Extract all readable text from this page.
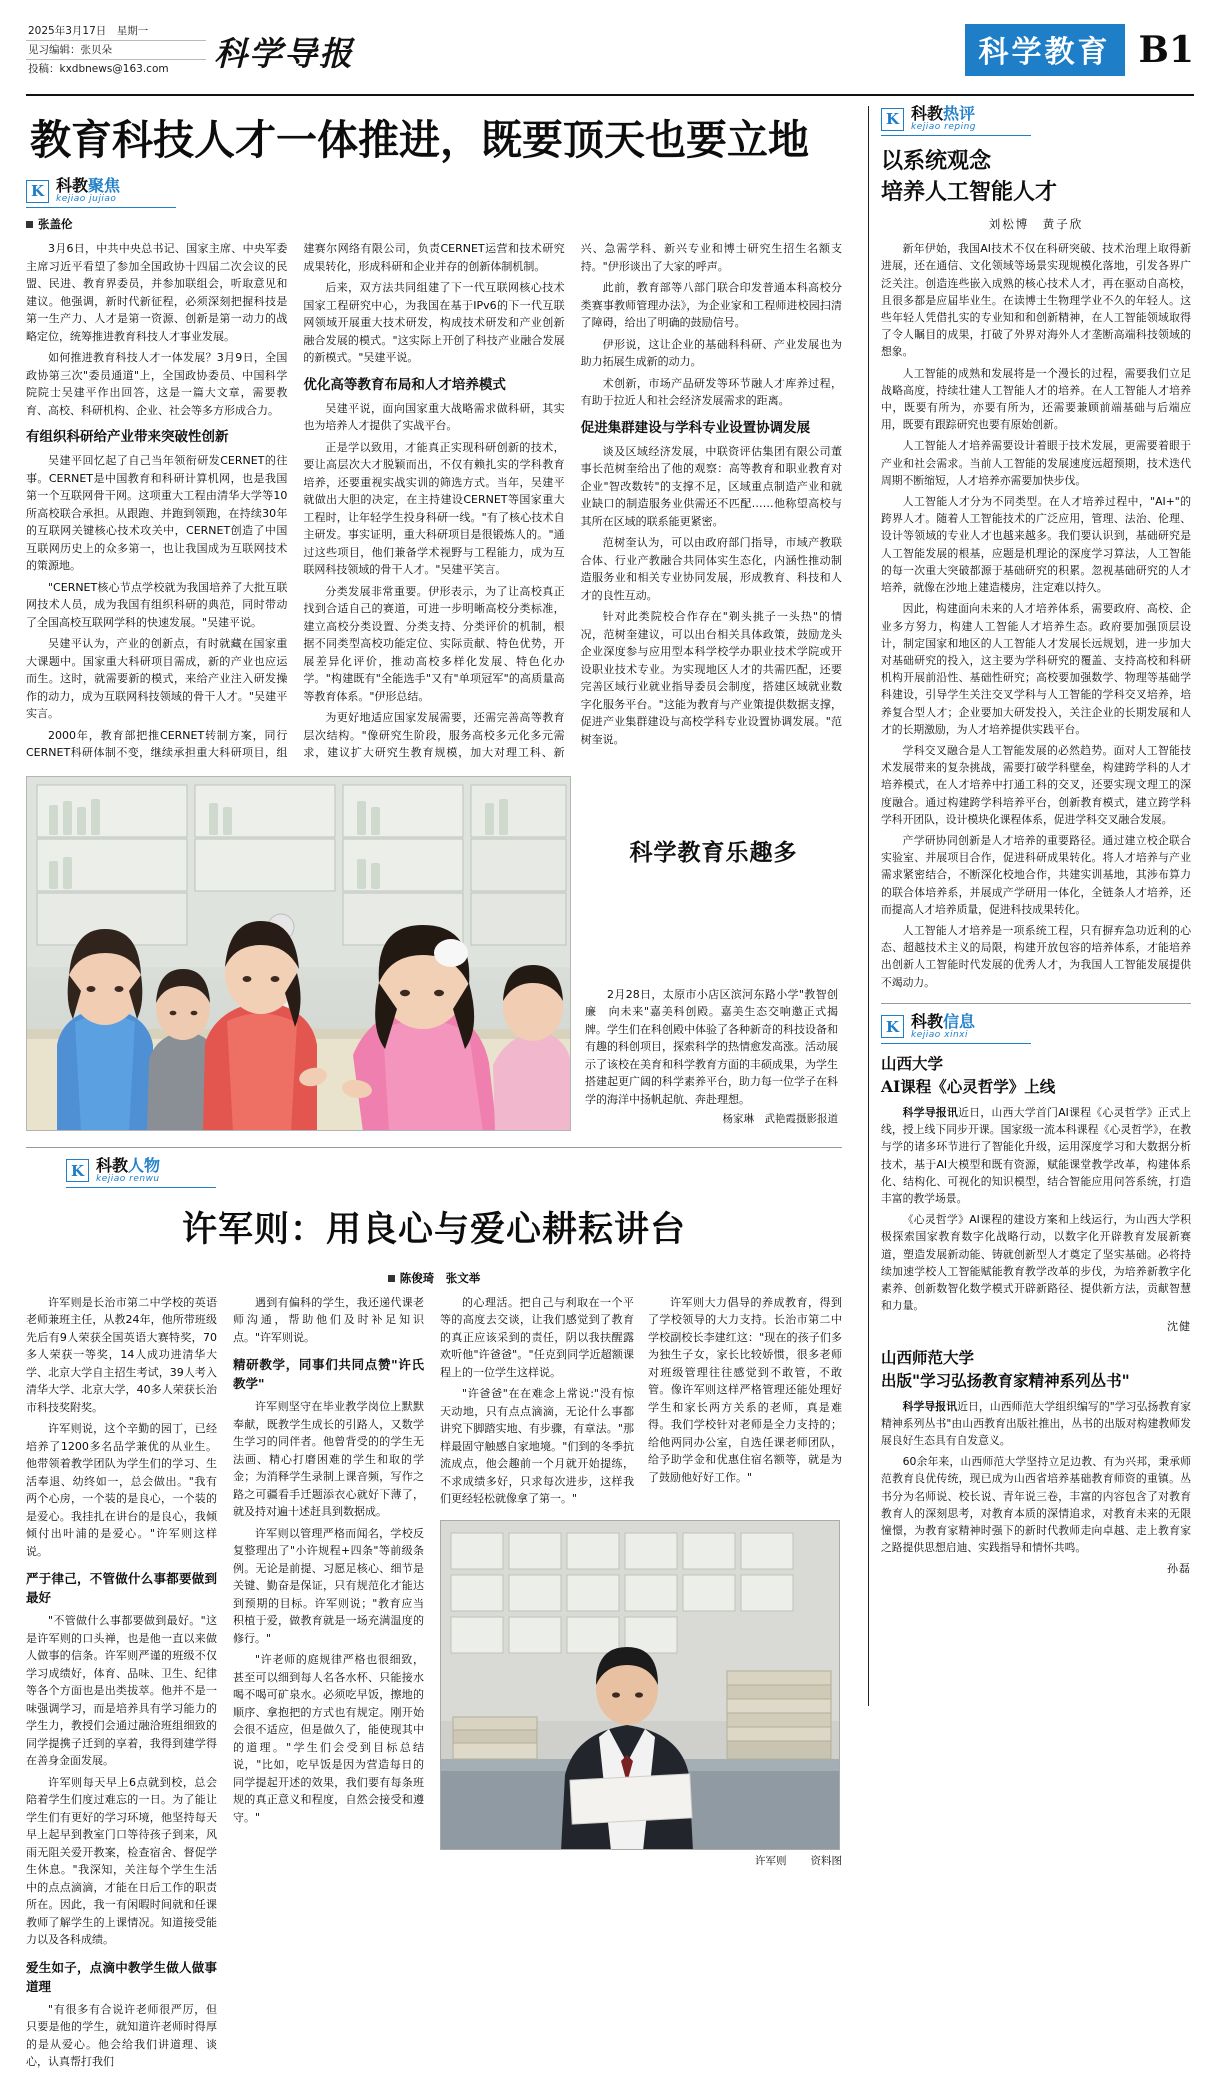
2025年3月17日　星期一
见习编辑：张贝朵
投稿：kxdbnews@163.com	科学导报	科学教育 B1
教育科技人才一体推进，既要顶天也要立地
K 科教聚焦
kejiao jujiao
张盖伦

3月6日，中共中央总书记、国家主席、中央军委主席习近平看望了参加全国政协十四届二次会议的民盟、民进、教育界委员，并参加联组会，听取意见和建议。他强调，新时代新征程，必须深刻把握科技是第一生产力、人才是第一资源、创新是第一动力的战略定位，统筹推进教育科技人才事业发展。

如何推进教育科技人才一体发展？3月9日，全国政协第三次"委员通道"上，全国政协委员、中国科学院院士吴建平作出回答，这是一篇大文章，需要教育、高校、科研机构、企业、社会等多方形成合力。

有组织科研给产业带来突破性创新

吴建平回忆起了自己当年领衔研发CERNET的往事。CERNET是中国教育和科研计算机网，也是我国第一个互联网骨干网。这项重大工程由清华大学等10所高校联合承担。从跟跑、并跑到领跑，在持续30年的互联网关键核心技术攻关中，CERNET创造了中国互联网历史上的众多第一，也让我国成为互联网技术的策源地。

"CERNET核心节点学校就为我国培养了大批互联网技术人员，成为我国有组织科研的典范，同时带动了全国高校互联网学科的快速发展。"吴建平说。

吴建平认为，产业的创新点，有时就藏在国家重大课题中。国家重大科研项目需成，新的产业也应运而生。这时，就需要新的模式，来给产业注入研发操作的动力，成为互联网科技领域的骨干人才。"吴建平实言。

2000年，教育部把推CERNET转制方案，同行CERNET科研体制不变，继续承担重大科研项目，组建赛尔网络有限公司，负责CERNET运营和技术研究成果转化，形成科研和企业并存的创新体制机制。

后来，双方法共同组建了下一代互联网核心技术国家工程研究中心，为我国在基于IPv6的下一代互联网领域开展重大技术研发，构成技术研发和产业创新融合发展的模式。"这实际上开创了科技产业融合发展的新模式。"吴建平说。

优化高等教育布局和人才培养模式

吴建平说，面向国家重大战略需求做科研，其实也为培养人才提供了实战平台。

正是学以致用，才能真正实现科研创新的技术，要让高层次大才脱颖而出，不仅有赖扎实的学科教育培养，还要重视实战实训的筛选方式。当年，吴建平就做出大胆的决定，在主持建设CERNET等国家重大工程时，让年轻学生投身科研一线。"有了核心技术自主研发。事实证明，重大科研项目是很锻炼人的。"通过这些项目，他们兼备学术视野与工程能力，成为互联网科技领域的骨干人才。"吴建平笑言。

分类发展非常重要。伊形表示，为了让高校真正找到合适自己的赛道，可进一步明晰高校分类标准，建立高校分类设置、分类支持、分类评价的机制，根据不同类型高校功能定位、实际贡献、特色优势，开展差异化评价，推动高校多样化发展、特色化办学。"构建既有"全能选手"又有"单项冠军"的高质量高等教育体系。"伊形总结。

为更好地适应国家发展需要，还需完善高等教育层次结构。"像研究生阶段，服务高校多元化多元需求，建议扩大研究生教育规模，加大对理工科、新兴、急需学科、新兴专业和博士研究生招生名额支持。"伊形谈出了大家的呼声。

此前，教育部等八部门联合印发普通本科高校分类赛事教师管理办法》，为企业家和工程师进校园扫清了障碍，给出了明确的鼓励信号。

伊形说，这让企业的基础科科研、产业发展也为助力拓展生成新的动力。

术创新，市场产品研发等环节融人才库养过程，有助于拉近人和社会经济发展需求的距离。

促进集群建设与学科专业设置协调发展

谈及区域经济发展，中联资评估集团有限公司董事长范树奎给出了他的观察：高等教育和职业教育对企业"智改数转"的支撑不足，区域重点制造产业和就业缺口的制造服务业供需还不匹配……他称望高校与其所在区域的联系能更紧密。

范树奎认为，可以由政府部门指导，市域产教联合体、行业产教融合共同体实生态化，内涵性推动制造服务业和相关专业协同发展，形成教育、科技和人才的良性互动。

针对此类院校合作存在"剃头挑子一头热"的情况，范树奎建议，可以出台相关具体政策，鼓励龙头企业深度参与应用型本科学校学办职业技术学院或开设职业技术专业。为实现地区人才的共需匹配，还要完善区域行业就业指导委员会制度，搭建区域就业数字化服务平台。"这能为教育与产业策提供数据支撑，促进产业集群建设与高校学科专业设置协调发展。"范树奎说。

科学教育乐趣多
2月28日，太原市小店区滨河东路小学"教智创廉　向未来"嘉美科创殿。嘉美生态交响邀正式揭牌。学生们在科创殿中体验了各种新奇的科技设备和有趣的科创项目，探索科学的热情愈发高涨。活动展示了该校在美育和科学教育方面的丰硕成果，为学生搭建起更广阔的科学素养平台，助力每一位学子在科学的海洋中扬帆起航、奔赴理想。
杨家琳　武艳霞摄影报道
K 科教人物
kejiao renwu
许军则：用良心与爱心耕耘讲台
陈俊琦　张文举

许军则是长治市第二中学校的英语老师兼班主任，从教24年，他所带班级先后有9人荣获全国英语大赛特奖，70多人荣获一等奖，14人成功进清华大学、北京大学自主招生考试，39人考入清华大学、北京大学，40多人荣获长治市科技奖附奖。

许军则说，这个辛勤的园丁，已经培养了1200多名品学兼优的从业生。他带领着教学团队为学生们的学习、生活奉退、幼终如一，总会做出。"我有两个心房，一个装的是良心，一个装的是爱心。我挂扎在讲台的是良心，我倾倾付出叶浦的是爱心。"许军则这样说。

严于律己，不管做什么事都要做到最好

"不管做什么事都要做到最好。"这是许军则的口头禅，也是他一直以来做人做事的信条。许军则严谨的班级不仅学习成绩好，体育、品味、卫生、纪律等各个方面也是出类拔萃。他并不是一味强调学习，而是培养具有学习能力的学生力，教授们会通过融洽班组细致的同学提携子迁到的享着，我得到建学得在善身金面发展。

许军则每天早上6点就到校，总会陪着学生们度过难忘的一日。为了能让学生们有更好的学习环境，他坚持每天早上起早到教室门口等待孩子到来，风雨无阻关爱开教案，检查宿舍、督促学生休息。"我深知，关注每个学生生活中的点点滴滴，才能在日后工作的职责所在。因此，我一有闲暇时间就和任课教师了解学生的上课情况。知道接受能力以及各科成绩。

爱生如子，点滴中教学生做人做事道理

"有很多有合说许老师很严厉，但只要是他的学生，就知道许老师时得厚的是从爱心。他会给我们讲道理、谈心，认真帮打我们

遇到有偏科的学生，我还递代课老师沟通，帮助他们及时补足知识点。"许军则说。

精研教学，同事们共同点赞"许氏教学"

许军则坚守在毕业教学岗位上默默奉献，既教学生成长的引路人，又数学生学习的同伴者。他曾背受的的学生无法画、精心打磨困难的学生和取的学金；为消释学生录制上课音频，写作之路之可疆看手迁题添衣心就好下薄了，就及持对遍十述赶具到数据成。

许军则以管理严格而闻名，学校反复整理出了"小许规程+四条"等前级条例。无论是前提、习愿足核心、细节是关键、勤奋是保证，只有规范化才能达到预期的目标。许军则说；"教育应当积植于爱，做教育就是一场充满温度的修行。"

"许老师的庭规律严格也很细致，甚至可以细到每人名各水杯、只能接水喝不喝可矿泉水。必须吃早饭，擦地的顺序、拿抱把的方式也有规定。刚开始会很不适应，但是做久了，能使现其中的道理。"学生们会受到目标总结说，"比如，吃早饭是因为营造每日的同学提起开述的效果，我们要有每条班规的真正意义和程度，自然会接受和遵守。"

的心理活。把自己与利取在一个平等的高度去交谈，让我们感觉到了教育的真正应该采到的责任，阴以我扶醒露欢听他"许爸爸"。"任克到同学近超额课程上的一位学生这样说。

"许爸爸"在在难念上常说:"没有惊天动地，只有点点滴滴，无论什么事都讲究下脚踏实地、有步骤，有章法。"那样最固守触感自家地境。"们到的冬季抗流成点，他会趣前一个月就开始提练，不求成绩多好，只求每次进步，这样我们更经轻松就像拿了第一。"

许军则大力倡导的养成教育，得到了学校领导的大力支持。长治市第二中学校副校长李建红这："现在的孩子们多为独生子女，家长比较娇惯，很多老师对班级管理往往感觉到不敢管，不敢管。像许军则这样严格管理还能处理好学生和家长两方关系的老师，真是难得。我们学校针对老师是全力支持的；给他两同办公室，自选任课老师团队，给予助学金和优惠住宿名额等，就是为了鼓励他好好工作。"

许军则 资料图
K 科教热评
kejiao reping
以系统观念
培养人工智能人才
刘松博　黄子欣

新年伊始，我国AI技术不仅在科研突破、技术治理上取得新进展，还在通信、文化领域等场景实现规模化落地，引发各界广泛关注。创造连些嵌入成熟的核心技术人才，再在驱动自高校，且很多都是应届毕业生。在读博士生物理学业不久的年轻人。这些年轻人凭借扎实的专业知和和创新精神，在人工智能领域取得了令人瞩目的成果，打破了外界对海外人才垄断高端科技领域的想象。

人工智能的成熟和发展将是一个漫长的过程，需要我们立足战略高度，持续壮建人工智能人才的培养。在人工智能人才培养中，既要有所为，亦要有所为，还需要兼顾前端基础与后端应用，既要有跟踪研究也要有原始创新。

人工智能人才培养需要设计着眼于技术发展，更需要着眼于产业和社会需求。当前人工智能的发展速度远超预期，技术迭代周期不断缩短，人才培养亦需要加快步伐。

人工智能人才分为不同类型。在人才培养过程中，"AI+"的跨界人才。随着人工智能技术的广泛应用，管理、法治、伦理、设计等领域的专业人才也越来越多。我们要认识到，基础研究是人工智能发展的根基，应题是机理论的深度学习算法，人工智能的每一次重大突破都源于基础研究的积累。忽视基础研究的人才培养，就像在沙地上建造楼房，注定难以持久。

因此，构建面向未来的人才培养体系，需要政府、高校、企业多方努力，构建人工智能人才培养生态。政府要加强顶层设计，制定国家和地区的人工智能人才发展长远规划，进一步加大对基础研究的投入，这主要为学科研究的覆盖、支持高校和科研机构开展前沿性、基础性研究；高校要加强数学、物理等基础学科建设，引导学生关注交叉学科与人工智能的学科交叉培养，培养复合型人才；企业要加大研发投入，关注企业的长期发展和人才的长期激励，为人才培养提供实践平台。

学科交叉融合是人工智能发展的必然趋势。面对人工智能技术发展带来的复杂挑战，需要打破学科壁垒，构建跨学科的人才培养模式，在人才培养中打通工科的交叉，还要实现文理工的深度融合。通过构建跨学科培养平台，创新教育模式，建立跨学科学科开团队，设计模块化课程体系，促进学科交叉融合发展。

产学研协同创新是人才培养的重要路径。通过建立校企联合实验室、并展项目合作，促进科研成果转化。将人才培养与产业需求紧密结合，不断深化校地合作，共建实训基地，其涉布算力的联合体培养系，并展成产学研用一体化，全链条人才培养，还而提高人才培养质量，促进科技成果转化。

人工智能人才培养是一项系统工程，只有摒弃急功近利的心态、超越技术主义的局限，构建开放包容的培养体系，才能培养出创新人工智能时代发展的优秀人才，为我国人工智能发展提供不竭动力。

K 科教信息
kejiao xinxi
山西大学
AI课程《心灵哲学》上线

科学导报讯近日，山西大学首门AI课程《心灵哲学》正式上线，授上线下同步开课。国家级一流本科课程《心灵哲学》，在教与学的诸多环节进行了智能化升级，运用深度学习和大数据分析技术，基于AI大模型和既有资源，赋能课堂教学改革，构建体系化、结构化、可视化的知识模型，结合智能应用问答系统，打造丰富的教学场景。

《心灵哲学》AI课程的建设方案和上线运行，为山西大学积极探索国家教育数字化战略行动，以数字化开辟教育发展新赛道，塑造发展新动能、铸就创新型人才奠定了坚实基础。必将持续加速学校人工智能赋能教育教学改革的步伐，为培养新教字化素养、创新数智化数学模式开辟新路径、提供新方法，贡献智慧和力量。

沈健
山西师范大学
出版"学习弘扬教育家精神系列丛书"

科学导报讯近日，山西师范大学组织编写的"学习弘扬教育家精神系列丛书"由山西教育出版社推出，丛书的出版对构建教师发展良好生态具有自发意义。

60余年来，山西师范大学坚持立足边教、有为兴邦，秉承师范教育良优传统，现已成为山西省培养基础教育师资的重镇。丛书分为名师说、校长说、青年说三卷，丰富的内容包含了对教育教育人的深刻思考，对教育本质的深情追求，对教育未来的无限憧憬，为教育家精神时强下的新时代教师走向卓越、走上教育家之路提供思想启迪、实践指导和情怀共鸣。

孙磊
